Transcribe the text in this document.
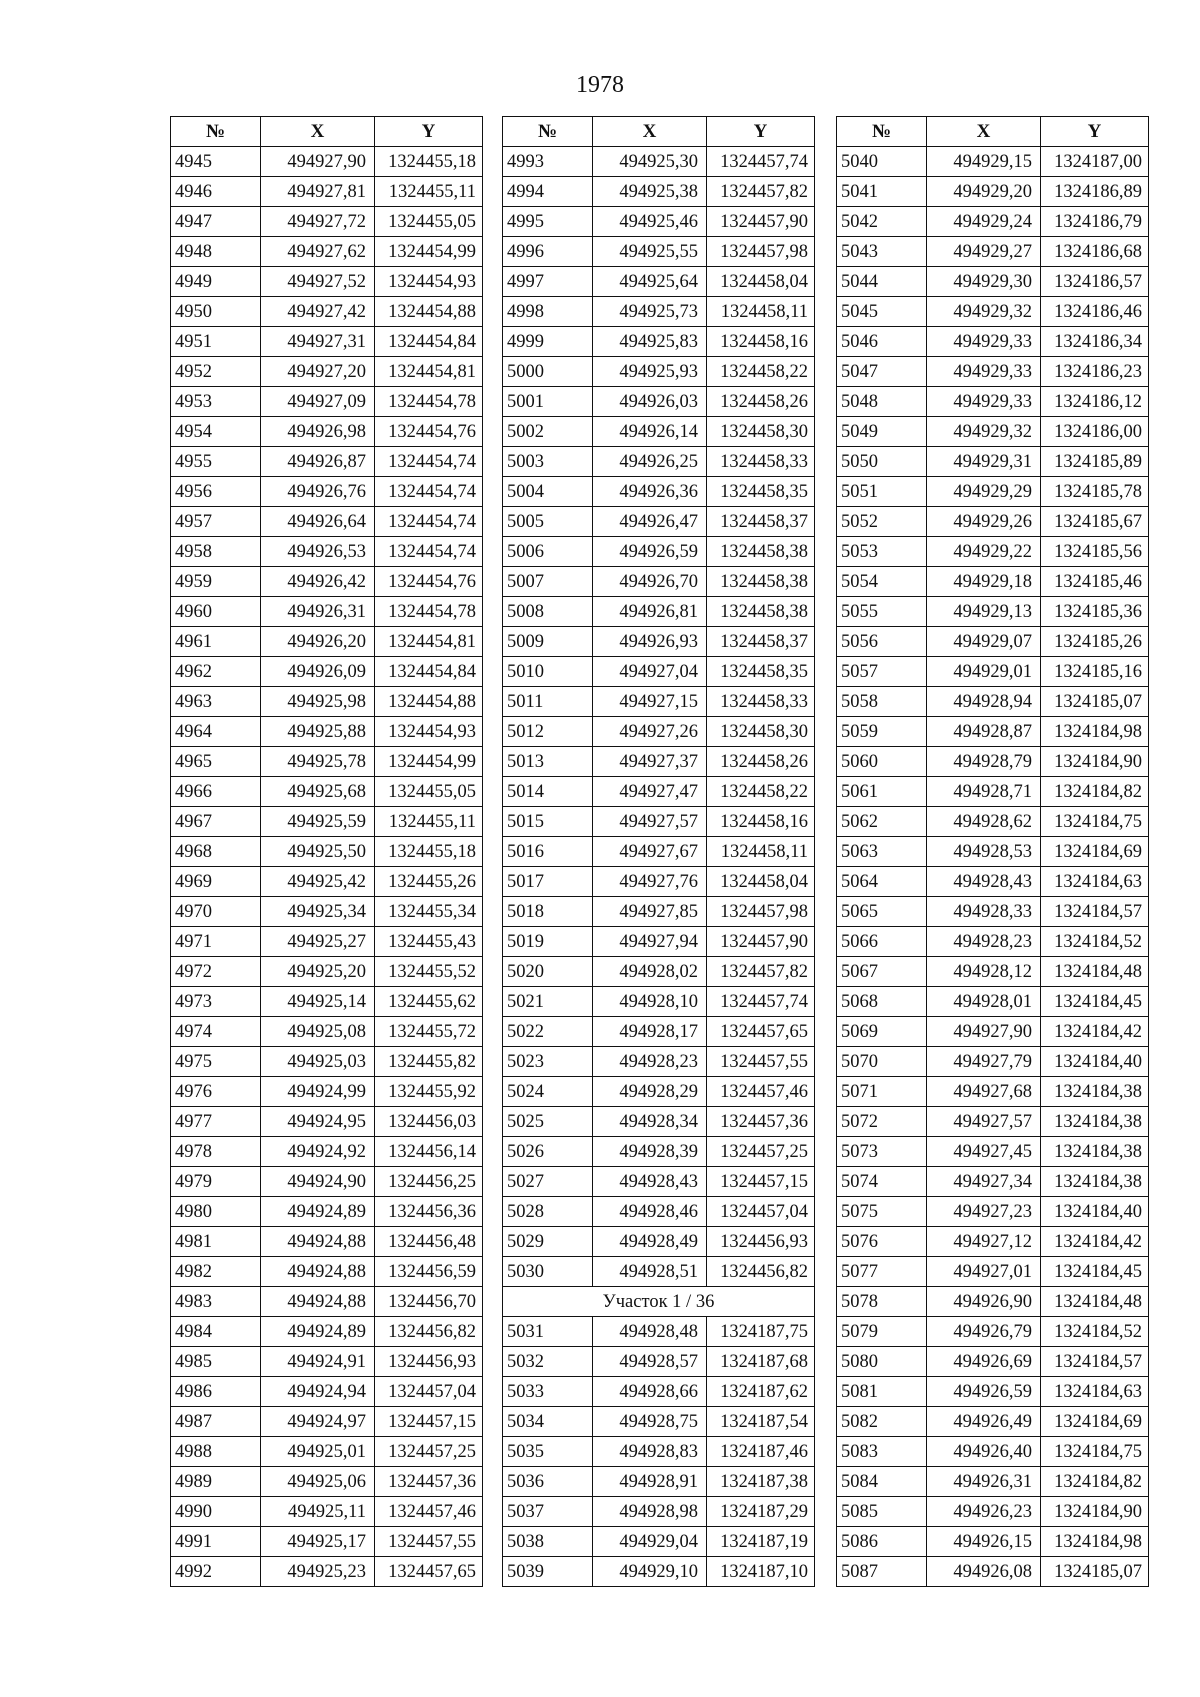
1978
№	X	Y
4945	494927,90	1324455,18
4946	494927,81	1324455,11
4947	494927,72	1324455,05
4948	494927,62	1324454,99
4949	494927,52	1324454,93
4950	494927,42	1324454,88
4951	494927,31	1324454,84
4952	494927,20	1324454,81
4953	494927,09	1324454,78
4954	494926,98	1324454,76
4955	494926,87	1324454,74
4956	494926,76	1324454,74
4957	494926,64	1324454,74
4958	494926,53	1324454,74
4959	494926,42	1324454,76
4960	494926,31	1324454,78
4961	494926,20	1324454,81
4962	494926,09	1324454,84
4963	494925,98	1324454,88
4964	494925,88	1324454,93
4965	494925,78	1324454,99
4966	494925,68	1324455,05
4967	494925,59	1324455,11
4968	494925,50	1324455,18
4969	494925,42	1324455,26
4970	494925,34	1324455,34
4971	494925,27	1324455,43
4972	494925,20	1324455,52
4973	494925,14	1324455,62
4974	494925,08	1324455,72
4975	494925,03	1324455,82
4976	494924,99	1324455,92
4977	494924,95	1324456,03
4978	494924,92	1324456,14
4979	494924,90	1324456,25
4980	494924,89	1324456,36
4981	494924,88	1324456,48
4982	494924,88	1324456,59
4983	494924,88	1324456,70
4984	494924,89	1324456,82
4985	494924,91	1324456,93
4986	494924,94	1324457,04
4987	494924,97	1324457,15
4988	494925,01	1324457,25
4989	494925,06	1324457,36
4990	494925,11	1324457,46
4991	494925,17	1324457,55
4992	494925,23	1324457,65
№	X	Y
4993	494925,30	1324457,74
4994	494925,38	1324457,82
4995	494925,46	1324457,90
4996	494925,55	1324457,98
4997	494925,64	1324458,04
4998	494925,73	1324458,11
4999	494925,83	1324458,16
5000	494925,93	1324458,22
5001	494926,03	1324458,26
5002	494926,14	1324458,30
5003	494926,25	1324458,33
5004	494926,36	1324458,35
5005	494926,47	1324458,37
5006	494926,59	1324458,38
5007	494926,70	1324458,38
5008	494926,81	1324458,38
5009	494926,93	1324458,37
5010	494927,04	1324458,35
5011	494927,15	1324458,33
5012	494927,26	1324458,30
5013	494927,37	1324458,26
5014	494927,47	1324458,22
5015	494927,57	1324458,16
5016	494927,67	1324458,11
5017	494927,76	1324458,04
5018	494927,85	1324457,98
5019	494927,94	1324457,90
5020	494928,02	1324457,82
5021	494928,10	1324457,74
5022	494928,17	1324457,65
5023	494928,23	1324457,55
5024	494928,29	1324457,46
5025	494928,34	1324457,36
5026	494928,39	1324457,25
5027	494928,43	1324457,15
5028	494928,46	1324457,04
5029	494928,49	1324456,93
5030	494928,51	1324456,82
Участок 1 / 36		
5031	494928,48	1324187,75
5032	494928,57	1324187,68
5033	494928,66	1324187,62
5034	494928,75	1324187,54
5035	494928,83	1324187,46
5036	494928,91	1324187,38
5037	494928,98	1324187,29
5038	494929,04	1324187,19
5039	494929,10	1324187,10
№	X	Y
5040	494929,15	1324187,00
5041	494929,20	1324186,89
5042	494929,24	1324186,79
5043	494929,27	1324186,68
5044	494929,30	1324186,57
5045	494929,32	1324186,46
5046	494929,33	1324186,34
5047	494929,33	1324186,23
5048	494929,33	1324186,12
5049	494929,32	1324186,00
5050	494929,31	1324185,89
5051	494929,29	1324185,78
5052	494929,26	1324185,67
5053	494929,22	1324185,56
5054	494929,18	1324185,46
5055	494929,13	1324185,36
5056	494929,07	1324185,26
5057	494929,01	1324185,16
5058	494928,94	1324185,07
5059	494928,87	1324184,98
5060	494928,79	1324184,90
5061	494928,71	1324184,82
5062	494928,62	1324184,75
5063	494928,53	1324184,69
5064	494928,43	1324184,63
5065	494928,33	1324184,57
5066	494928,23	1324184,52
5067	494928,12	1324184,48
5068	494928,01	1324184,45
5069	494927,90	1324184,42
5070	494927,79	1324184,40
5071	494927,68	1324184,38
5072	494927,57	1324184,38
5073	494927,45	1324184,38
5074	494927,34	1324184,38
5075	494927,23	1324184,40
5076	494927,12	1324184,42
5077	494927,01	1324184,45
5078	494926,90	1324184,48
5079	494926,79	1324184,52
5080	494926,69	1324184,57
5081	494926,59	1324184,63
5082	494926,49	1324184,69
5083	494926,40	1324184,75
5084	494926,31	1324184,82
5085	494926,23	1324184,90
5086	494926,15	1324184,98
5087	494926,08	1324185,07
